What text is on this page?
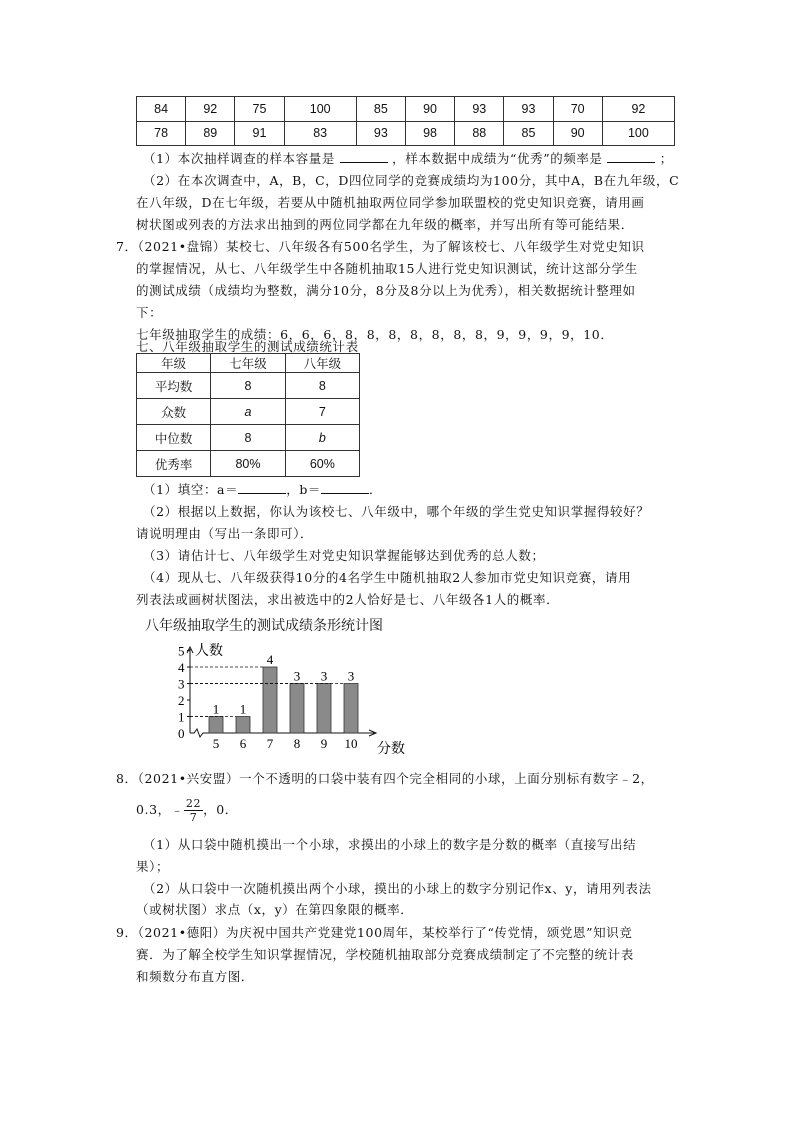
84	92	75	100	85	90	93	93	70	92
78	89	91	83	93	98	88	85	90	100
（1）本次抽样调查的样本容量是	，样本数据中成绩为“优秀”的频率是	；
（2）在本次调查中，A，B，C，D四位同学的竞赛成绩均为100分，其中A，B在九年级，C
在八年级，D在七年级，若要从中随机抽取两位同学参加联盟校的党史知识竞赛，请用画
树状图或列表的方法求出抽到的两位同学都在九年级的概率，并写出所有等可能结果．
7．（2021•盘锦）某校七、八年级各有500名学生，为了解该校七、八年级学生对党史知识
的掌握情况，从七、八年级学生中各随机抽取15人进行党史知识测试，统计这部分学生
的测试成绩（成绩均为整数，满分10分，8分及8分以上为优秀），相关数据统计整理如
下：
七年级抽取学生的成绩：6，6，6，8，8，8，8，8，8，8，9，9，9，9，10．
七、八年级抽取学生的测试成绩统计表
年级	七年级	八年级
平均数	8	8
众数	a	7
中位数	8	b
优秀率	80%	60%
（1）填空：a＝	，b＝	．
（2）根据以上数据，你认为该校七、八年级中，哪个年级的学生党史知识掌握得较好？
请说明理由（写出一条即可）．
（3）请估计七、八年级学生对党史知识掌握能够达到优秀的总人数；
（4）现从七、八年级获得10分的4名学生中随机抽取2人参加市党史知识竞赛，请用
列表法或画树状图法，求出被选中的2人恰好是七、八年级各1人的概率．
八年级抽取学生的测试成绩条形统计图
0
1
2
3
4
5 人数
分数
1
5
1
6
4
7
3
8
3
9
3
10
8．（2021•兴安盟）一个不透明的口袋中装有四个完全相同的小球，上面分别标有数字﹣2，
0.3，﹣ $\frac{22}{7}$ ，0．
（1）从口袋中随机摸出一个小球，求摸出的小球上的数字是分数的概率（直接写出结
果）；
（2）从口袋中一次随机摸出两个小球，摸出的小球上的数字分别记作x、y，请用列表法
（或树状图）求点（x，y）在第四象限的概率．
9．（2021•德阳）为庆祝中国共产党建党100周年，某校举行了“传党情，颂党恩”知识竞
赛．为了解全校学生知识掌握情况，学校随机抽取部分竞赛成绩制定了不完整的统计表
和频数分布直方图．
